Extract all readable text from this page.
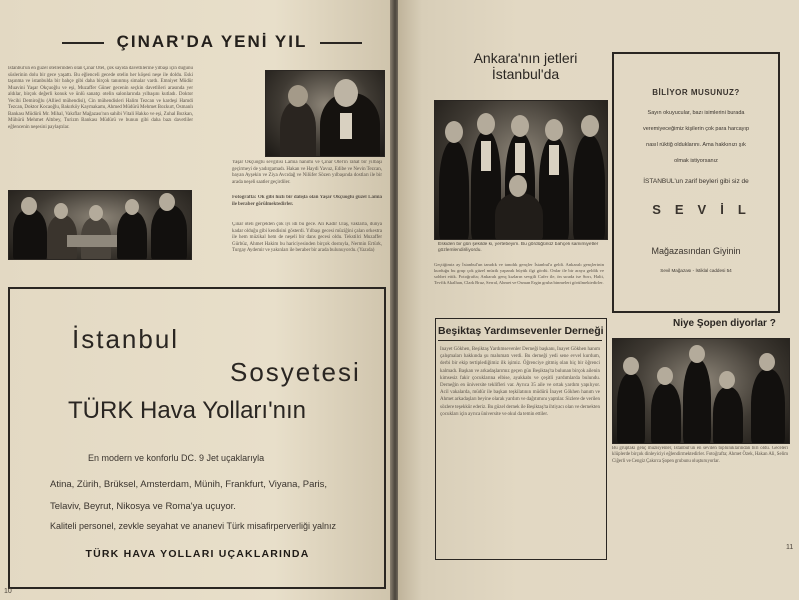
ÇINAR'DA YENİ YIL
İstanbul'un en güzel otellerinden olan Çınar Otel, çok sayıda davetlilerine yılbaşı için düğünü süslerinin dolu bir gece yaşattı. Bu eğlenceli gecede otelin her köşesi neşe ile doldu. Eski taşınma ve istanbulda bir bahçe gibi daha birçok tanınmış simalar vardı. Emniyet Müdür Muavini Yaşar Okçuoğlu ve eşi, Muzaffer Güner gecenin seçkin davetlileri arasında yer aldılar, birçok değerli konuk ve ünlü sanatçı otelin salonlarında yılbaşını kutladı. Doktor Vecihi Demiroğlu (Allied mühendisi), Cin mühendisleri Halim Tezcan ve kardeşi Hamdi Tezcan, Doktor Kocaoğlu, Bakırköy Kaymakamı, Ahmed Müdürü Mehmet Bozkurt, Osmanlı Bankası Müdürü Mr. Mihal, Vakıflar Mağazası'nın sahibi Vitali Hakko ve eşi, Zuhal Bozkan, Mühürü Mehmet Altıbey, Turizm Bankası Müdürü ve bunun gibi daha bazı davetliler eğlencenin neşesini paylaştılar.
Yaşar Okçuoğlu sevgilisi Lamia hanımı ve Çınar Otel'in rahat bir yılbaşı geçirmeyi de yadırgamadı. Hakan ve Haydi Yavuz, Edibe ve Nevin Tezcan, bayan Ayşekin ve Ziya Avcıdağ ve Nilüfer Sözen yılbaşında dostları ile bir arada neşeli saatler geçirdiler.
Fotoğrafta: Ok gibi hızlı bir dalışla olan Yaşar Okçuoğlu güzel Lamia ile beraber görülmektedirler.
Çınar oteli gerçekten çok iyi idi bu gece. Ali Kadir Ulaş, vaklarla, dünya kadar olduğu gibi kendisini gösterdi. Yılbaşı gecesi müziğini çalan orkestra ile hem müzikal hem de neşeli bir dans gecesi oldu. Tekstilci Muzaffer Gürbüz, Ahmet Hakim bu hariciyesinden birçok dostuyla, Nermin Ertürk, Turgay Aydemir ve yakınları ile beraber bir arada bulunuyordu. (Yazıda)
İstanbul
Sosyetesi
TÜRK Hava Yolları'nın
En modern ve konforlu DC. 9 Jet uçaklarıyla
Atina, Zürih, Brüksel, Amsterdam, Münih, Frankfurt, Viyana, Paris,
Telaviv, Beyrut, Nikosya ve Roma'ya uçuyor.
Kaliteli personel, zevkle seyahat ve ananevi Türk misafirperverliği yalnız
TÜRK HAVA YOLLARI UÇAKLARINDA
10
Ankara'nın jetleri İstanbul'da
Eskiden bir gün şekilde ki, yertebeyim. Bu gördüğünüz bahçeli samimiyetler gözlemlendiriliyordu.
Geçtiğimiz ay İstanbul'un tanıdık ve tanıdık gençler İstanbul'a geldi. Ankaralı gençlerinin kurduğu bu grup çok güzel müzik yaparak büyük ilgi gördü. Onlar ile bir araya geldik ve sohbet ettik. Fotoğrafta; Ankaralı genç kızların sevgili Cafer ile, ön sırada ise Sırrı, Halit, Tevfik Akalhan, Clark Bruz, Serral, Ahmet ve Osman Ergin gruba binmeleri görülmektedirler.
BİLİYOR MUSUNUZ?
Sayın okuyucular, bazı isimlerini burada
veremiyeceğimiz kişilerin çok para harcayıp
nasıl rüktiğ olduklarını. Ama hakkınızı şık
olmak istiyorsanız
İSTANBUL'un zarif beyleri gibi siz de
SEVİL
Mağazasından Giyinin
Sevil Mağazası - İstiklal caddesi 54
Beşiktaş Yardımsevenler Derneği
İnayet Gökhen, Beşiktaş Yardımsevenler Derneği başkanı, İnayet Gökhen hanım çalışmaları hakkında şu malumatı verdi. Bu derneği yedi sene evvel kurdum, derbi bir ekip tertiplediğimiz ilk işimiz. Öğrenciye gitmiş olan hiç bir öğrenci kalmadı. Başkan ve arkadaşlarımız geçen gün Beşiktaş'ta bulunan birçok ailenin kimsesiz fakir çocuklarına elbise, ayakkabı ve çeşitli yardımlarda bulundu. Derneğin en üniversite teklifleri var. Ayrıca 35 aile ve ortak yardım yapılıyor. Acil vakalarda, müdür ile başkan teşkilatının müdürü İnayet Gökhen hanım ve Ahmet arkadaşları beyine olarak yardım ve dağıtımını yaptılar. Sizlere de verilen sözlere teşekkür ederiz. Bu güzel dernek ile Beşiktaş'ta ihtiyacı olan ve dernekten çocukları için ayrıca üniversite ve okul da temin ettiler.
Niye Şopen diyorlar ?
Bu gruptaki genç müzisyenler, İstanbul'un en sevilen topluluklarından biri oldu. Geceleri klüplerde birçok dinleyiciyi eğlendirmektedirler. Fotoğrafta; Ahmet Özek, Hakan Ali, Selim Ciğerli ve Cengiz Çakırca Şopen grubunu oluşturuyorlar.
11
